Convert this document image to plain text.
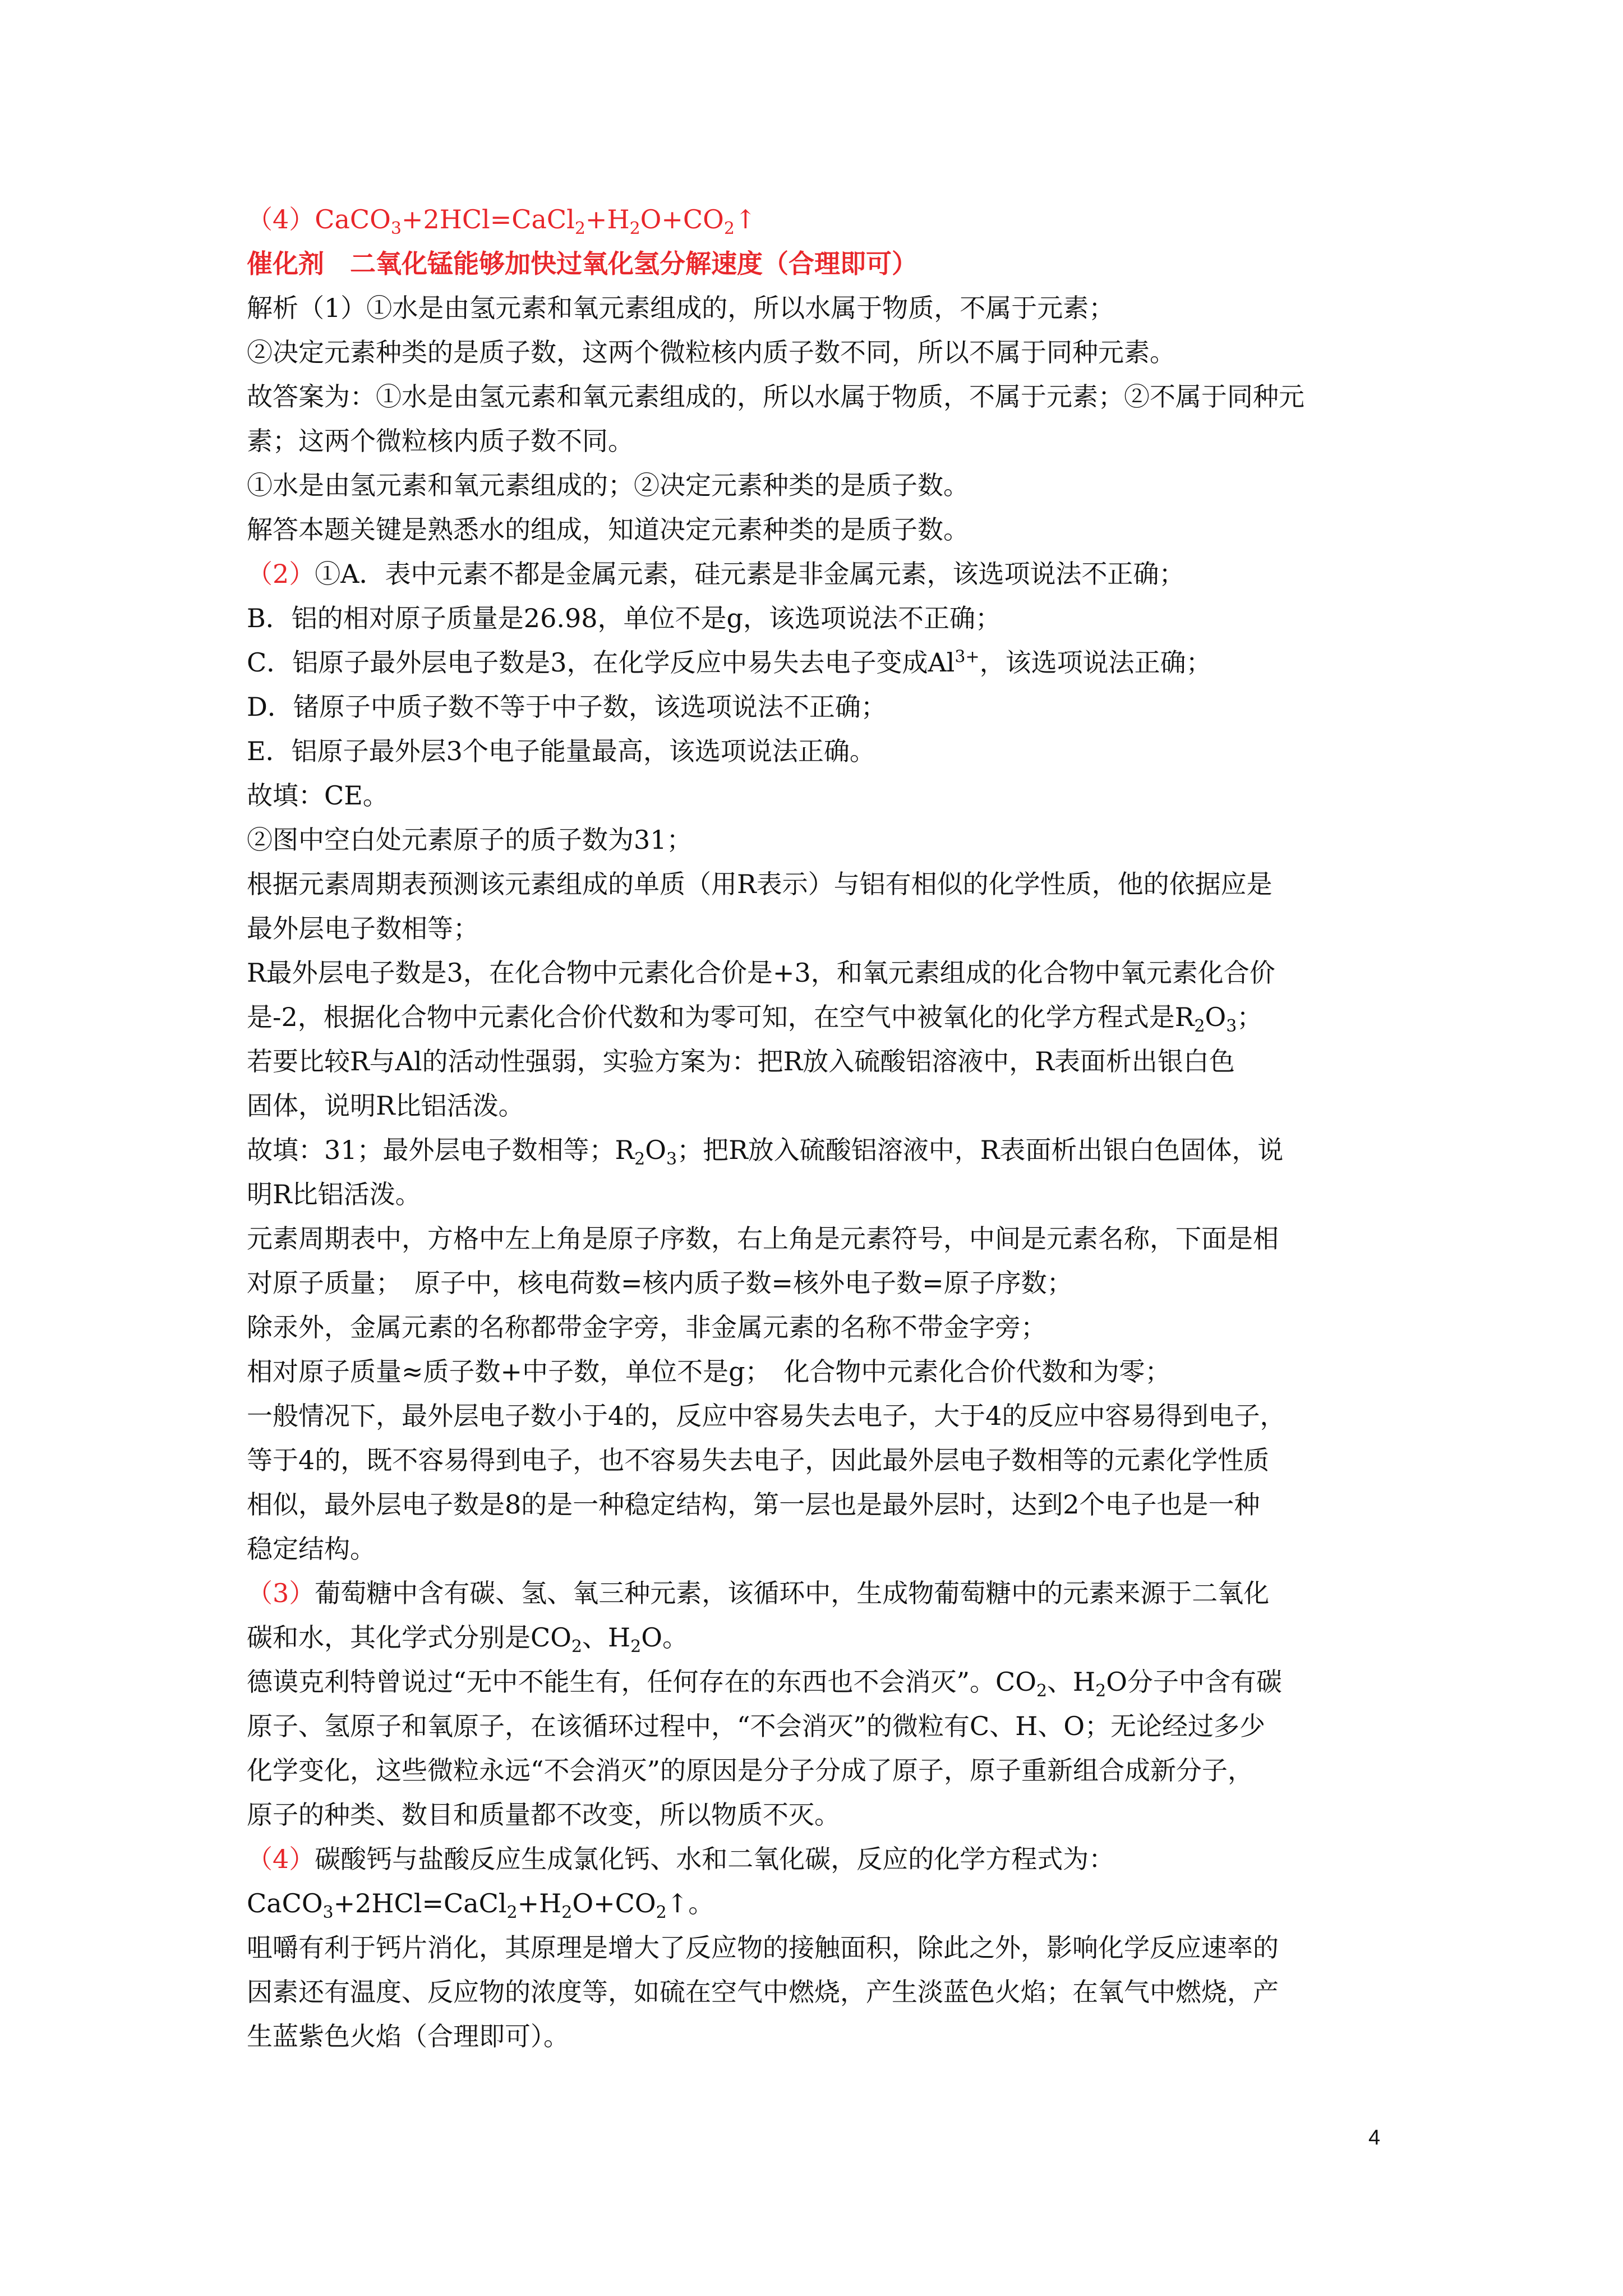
$(4)CaCO_3+2HCl=CaCl_2+H_2O+CO_2↑$
催化剂　二氧化锰能够加快过氧化氢分解速度（合理即可）
解析（1）①水是由氢元素和氧元素组成的，所以水属于物质，不属于元素；
②决定元素种类的是质子数，这两个微粒核内质子数不同，所以不属于同种元素。
故答案为：①水是由氢元素和氧元素组成的，所以水属于物质，不属于元素；②不属于同种元
素；这两个微粒核内质子数不同。
①水是由氢元素和氧元素组成的；②决定元素种类的是质子数。
解答本题关键是熟悉水的组成，知道决定元素种类的是质子数。
（2）①A．表中元素不都是金属元素，硅元素是非金属元素，该选项说法不正确；
B．铝的相对原子质量是26.98，单位不是g，该选项说法不正确；
C．铝原子最外层电子数是3，在化学反应中易失去电子变成$Al^{3+}$，该选项说法正确；
D．锗原子中质子数不等于中子数，该选项说法不正确；
E．铝原子最外层3个电子能量最高，该选项说法正确。
故填：CE。
②图中空白处元素原子的质子数为31；
根据元素周期表预测该元素组成的单质（用R表示）与铝有相似的化学性质，他的依据应是
最外层电子数相等；
R最外层电子数是3，在化合物中元素化合价是+3，和氧元素组成的化合物中氧元素化合价
是-2，根据化合物中元素化合价代数和为零可知，在空气中被氧化的化学方程式是$R_2O_3$；
若要比较R与Al的活动性强弱，实验方案为：把R放入硫酸铝溶液中，R表面析出银白色
固体，说明R比铝活泼。
故填：31；最外层电子数相等；$R_2O_3$；把R放入硫酸铝溶液中，R表面析出银白色固体，说
明R比铝活泼。
元素周期表中，方格中左上角是原子序数，右上角是元素符号，中间是元素名称，下面是相
对原子质量；　原子中，核电荷数=核内质子数=核外电子数=原子序数；
除汞外，金属元素的名称都带金字旁，非金属元素的名称不带金字旁；
相对原子质量≈质子数+中子数，单位不是g；　化合物中元素化合价代数和为零；
一般情况下，最外层电子数小于4的，反应中容易失去电子，大于4的反应中容易得到电子，
等于4的，既不容易得到电子，也不容易失去电子，因此最外层电子数相等的元素化学性质
相似，最外层电子数是8的是一种稳定结构，第一层也是最外层时，达到2个电子也是一种
稳定结构。
（3）葡萄糖中含有碳、氢、氧三种元素，该循环中，生成物葡萄糖中的元素来源于二氧化
碳和水，其化学式分别是$CO_2$、$H_2O$。
德谟克利特曾说过“无中不能生有，任何存在的东西也不会消灭”。$CO_2$、$H_2O$分子中含有碳
原子、氢原子和氧原子，在该循环过程中，“不会消灭”的微粒有C、H、O；无论经过多少
化学变化，这些微粒永远“不会消灭”的原因是分子分成了原子，原子重新组合成新分子，
原子的种类、数目和质量都不改变，所以物质不灭。
（4）碳酸钙与盐酸反应生成氯化钙、水和二氧化碳，反应的化学方程式为：
$CaCO_3+2HCl=CaCl_2+H_2O+CO_2↑$。
咀嚼有利于钙片消化，其原理是增大了反应物的接触面积，除此之外，影响化学反应速率的
因素还有温度、反应物的浓度等，如硫在空气中燃烧，产生淡蓝色火焰；在氧气中燃烧，产
生蓝紫色火焰（合理即可）。
4
